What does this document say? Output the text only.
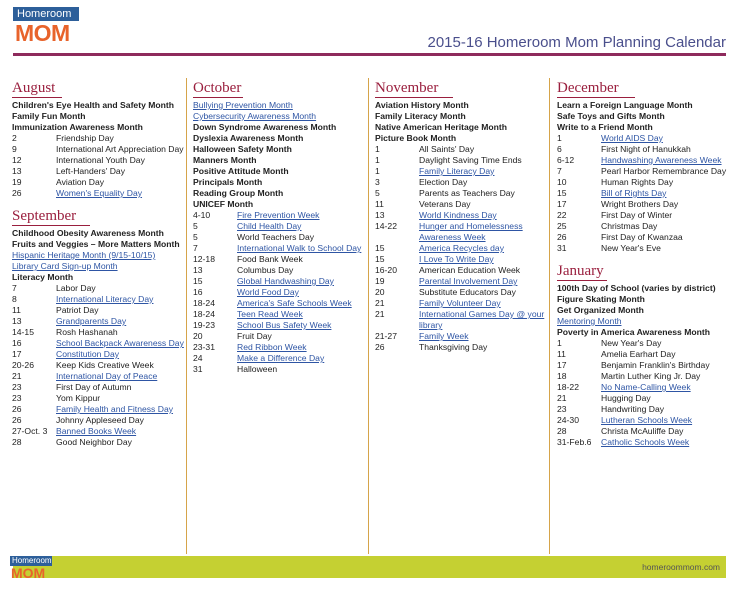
Homeroom
MOM	2015-16 Homeroom Mom Planning Calendar
August
Children's Eye Health and Safety Month
Family Fun Month
Immunization Awareness Month
2	Friendship Day
9	International Art Appreciation Day
12	International Youth Day
13	Left-Handers' Day
19	Aviation Day
26	Women's Equality Day
September
Childhood Obesity Awareness Month
Fruits and Veggies – More Matters Month
Hispanic Heritage Month (9/15-10/15)
Library Card Sign-up Month
Literacy Month
7	Labor Day
8	International Literacy Day
11	Patriot Day
13	Grandparents Day
14-15	Rosh Hashanah
16	School Backpack Awareness Day
17	Constitution Day
20-26	Keep Kids Creative Week
21	International Day of Peace
23	First Day of Autumn
23	Yom Kippur
26	Family Health and Fitness Day
26	Johnny Appleseed Day
27-Oct. 3	Banned Books Week
28	Good Neighbor Day
October
Bullying Prevention Month
Cybersecurity Awareness Month
Down Syndrome Awareness Month
Dyslexia Awareness Month
Halloween Safety Month
Manners Month
Positive Attitude Month
Principals Month
Reading Group Month
UNICEF Month
4-10	Fire Prevention Week
5	Child Health Day
5	World Teachers Day
7	International Walk to School Day
12-18	Food Bank Week
13	Columbus Day
15	Global Handwashing Day
16	World Food Day
18-24	America's Safe Schools Week
18-24	Teen Read Week
19-23	School Bus Safety Week
20	Fruit Day
23-31	Red Ribbon Week
24	Make a Difference Day
31	Halloween
November
Aviation History Month
Family Literacy Month
Native American Heritage Month
Picture Book Month
1	All Saints' Day
1	Daylight Saving Time Ends
1	Family Literacy Day
3	Election Day
5	Parents as Teachers Day
11	Veterans Day
13	World Kindness Day
14-22	Hunger and Homelessness Awareness Week
15	America Recycles day
15	I Love To Write Day
16-20	American Education Week
19	Parental Involvement Day
20	Substitute Educators Day
21	Family Volunteer Day
21	International Games Day @ your library
21-27	Family Week
26	Thanksgiving Day
December
Learn a Foreign Language Month
Safe Toys and Gifts Month
Write to a Friend Month
1	World AIDS Day
6	First Night of Hanukkah
6-12	Handwashing Awareness Week
7	Pearl Harbor Remembrance Day
10	Human Rights Day
15	Bill of Rights Day
17	Wright Brothers Day
22	First Day of Winter
25	Christmas Day
26	First Day of Kwanzaa
31	New Year's Eve
January
100th Day of School (varies by district)
Figure Skating Month
Get Organized Month
Mentoring Month
Poverty in America Awareness Month
1	New Year's Day
11	Amelia Earhart Day
17	Benjamin Franklin's Birthday
18	Martin Luther King Jr. Day
18-22	No Name-Calling Week
21	Hugging Day
23	Handwriting Day
24-30	Lutheran Schools Week
28	Christa McAuliffe Day
31-Feb.6	Catholic Schools Week
Homeroom
MOM	homeroommom.com
